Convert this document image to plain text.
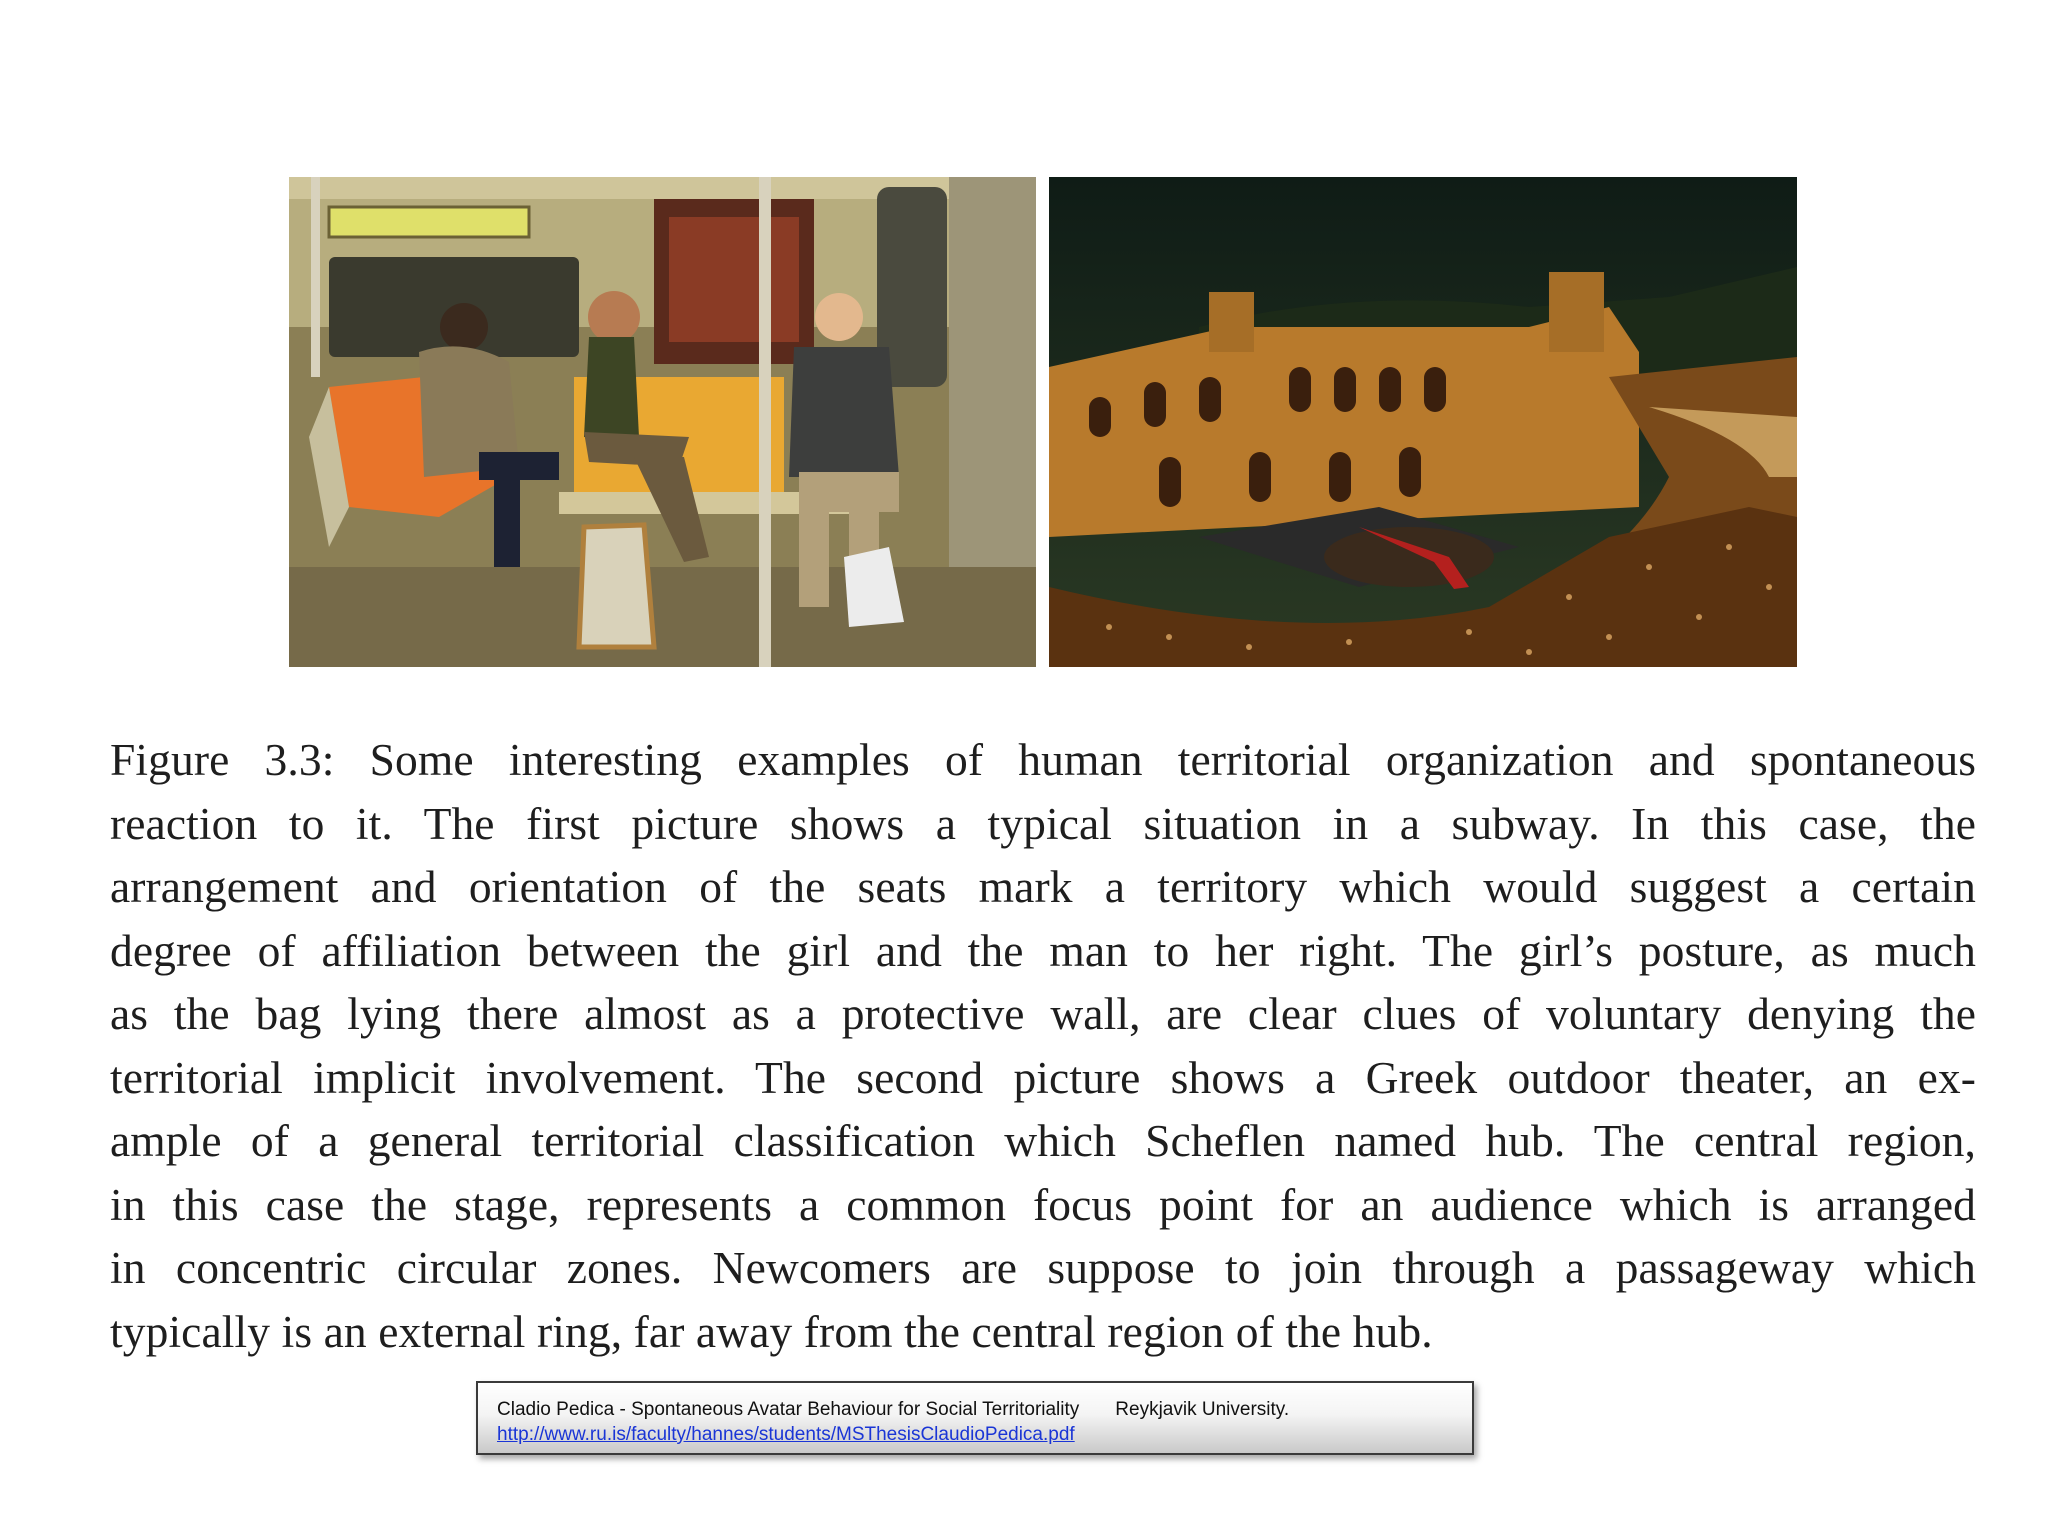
Figure 3.3: Some interesting examples of human territorial organization and spontaneous
reaction to it. The first picture shows a typical situation in a subway. In this case, the
arrangement and orientation of the seats mark a territory which would suggest a certain
degree of affiliation between the girl and the man to her right. The girl’s posture, as much
as the bag lying there almost as a protective wall, are clear clues of voluntary denying the
territorial implicit involvement. The second picture shows a Greek outdoor theater, an ex-
ample of a general territorial classification which Scheflen named hub. The central region,
in this case the stage, represents a common focus point for an audience which is arranged
in concentric circular zones. Newcomers are suppose to join through a passageway which
typically is an external ring, far away from the central region of the hub.
Cladio Pedica - Spontaneous Avatar Behaviour for Social Territoriality Reykjavik University.
http://www.ru.is/faculty/hannes/students/MSThesisClaudioPedica.pdf
